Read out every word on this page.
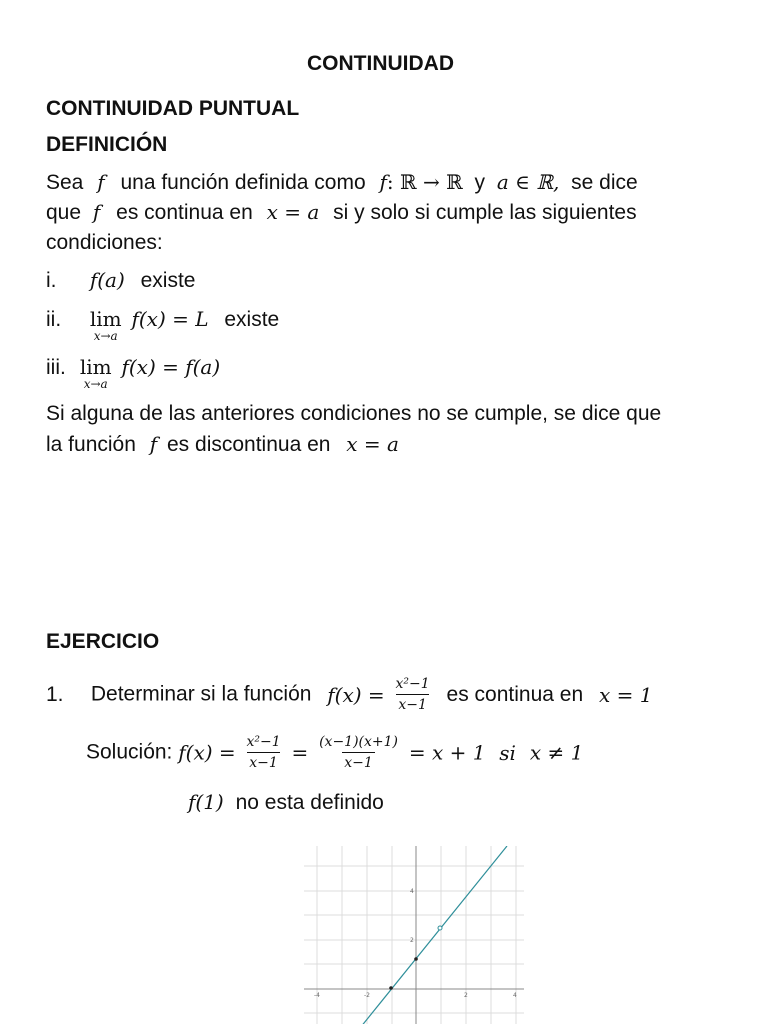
CONTINUIDAD
CONTINUIDAD PUNTUAL
DEFINICIÓN
Sea f una función definida como f: ℝ → ℝ y a ∈ ℝ, se dice
que f es continua en x = a si y solo si cumple las siguientes
condiciones:
i. f(a) existe
ii. lim
x→a
f(x) = L existe
iii. lim
x→a
f(x) = f(a)
Si alguna de las anteriores condiciones no se cumple, se dice que
la función f es discontinua en x = a
EJERCICIO
1. Determinar si la función $f(x) = \frac{\text{x²−1}}{x-1}$ es continua en x = 1
Solución: $f(x) = \frac{\text{x²−1}}{x-1} = \frac{(x-1)(x+1)}{x-1} = x + 1$ si x ≠ 1
f(1) no esta definido
-4	-2	2	4
4
2
